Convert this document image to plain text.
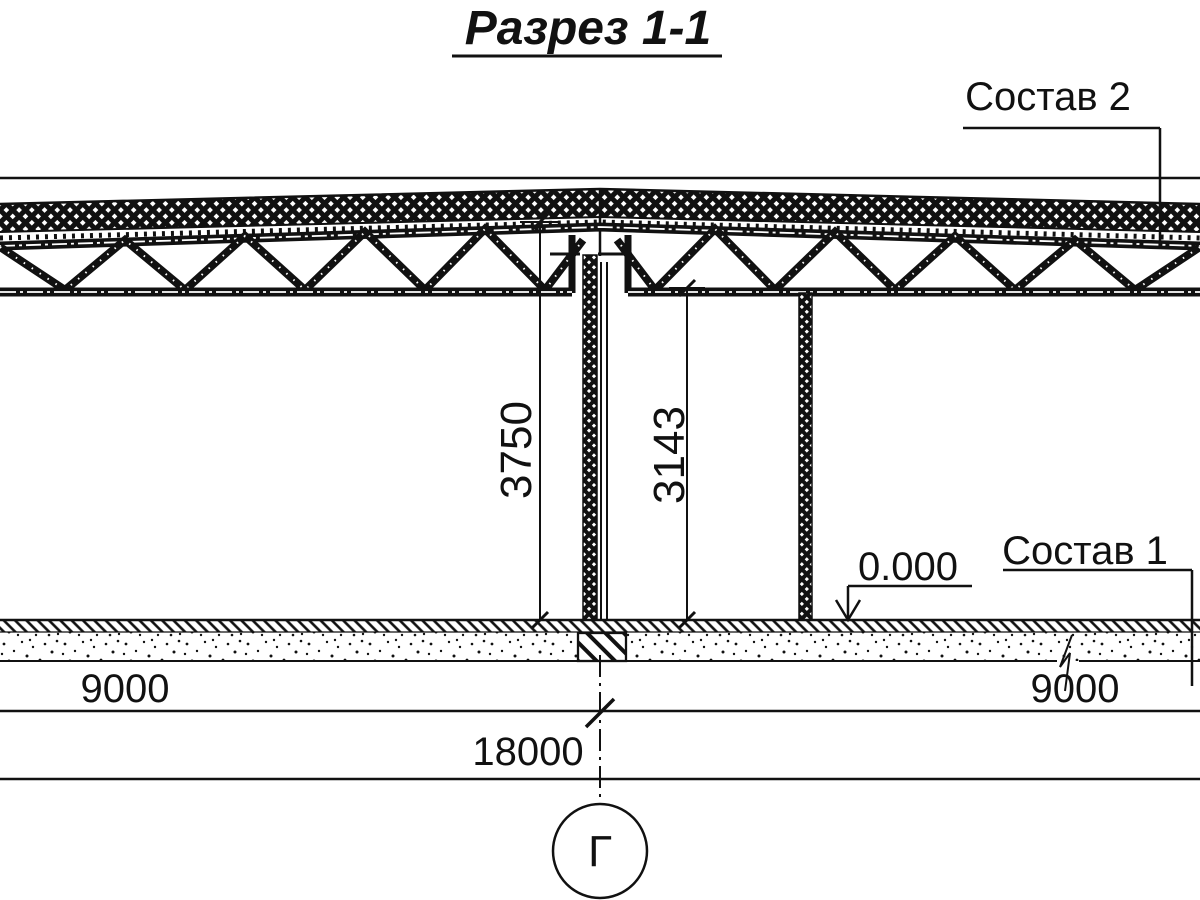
Разрез 1-1
3750 3143
0.000
Состав 2
Состав 1
9000	9000
18000
Г
